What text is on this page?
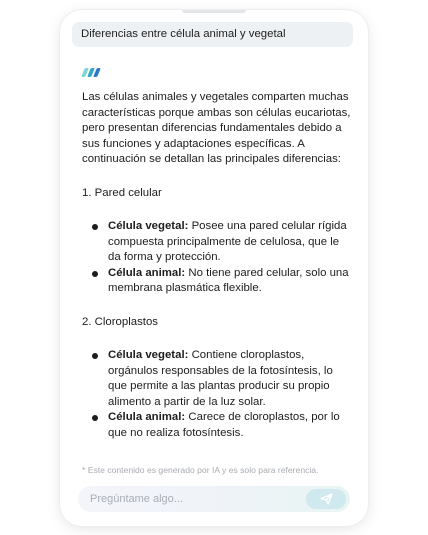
Diferencias entre célula animal y vegetal

Las células animales y vegetales comparten muchas características porque ambas son células eucariotas, pero presentan diferencias fundamentales debido a sus funciones y adaptaciones específicas. A continuación se detallan las principales diferencias:

1. Pared celular

Célula vegetal: Posee una pared celular rígida compuesta principalmente de celulosa, que le da forma y protección.
Célula animal: No tiene pared celular, solo una membrana plasmática flexible.

2. Cloroplastos

Célula vegetal: Contiene cloroplastos, orgánulos responsables de la fotosíntesis, lo que permite a las plantas producir su propio alimento a partir de la luz solar.
Célula animal: Carece de cloroplastos, por lo que no realiza fotosíntesis.

* Este contenido es generado por IA y es solo para referencia.
Pregúntame algo...
